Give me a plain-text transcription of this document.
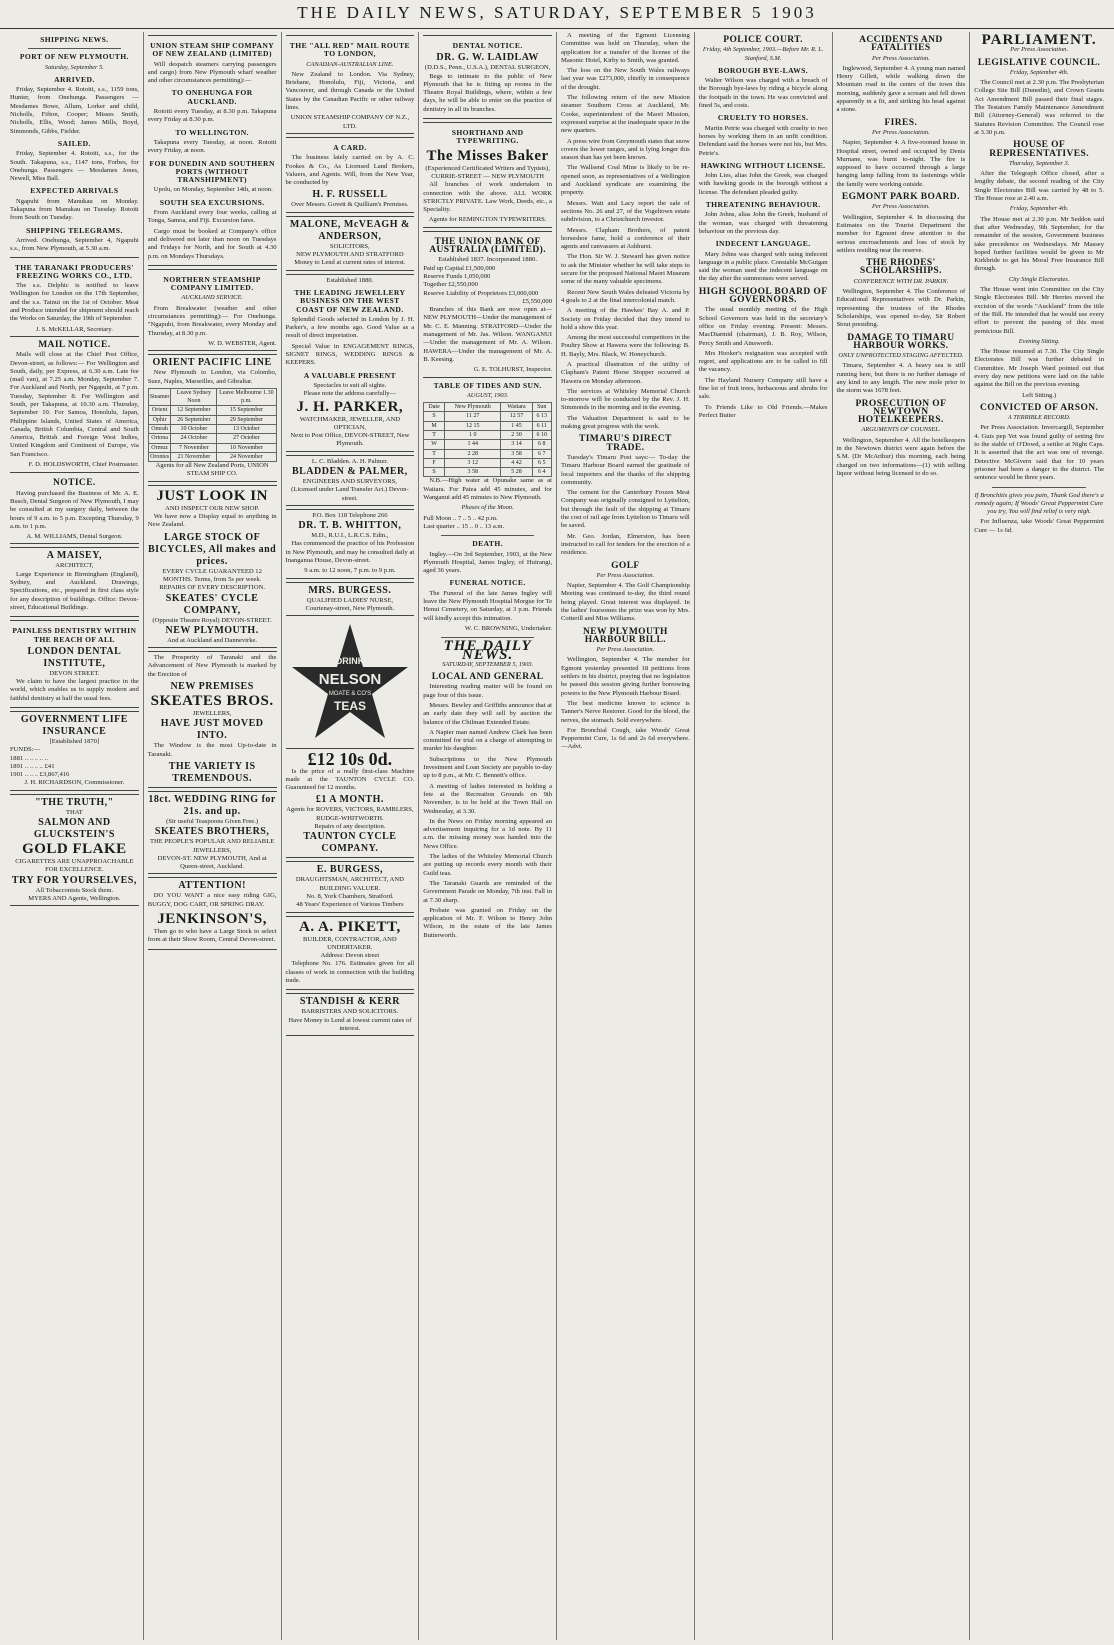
THE DAILY NEWS, SATURDAY, SEPTEMBER 5 1903
SHIPPING NEWS.
PORT OF NEW PLYMOUTH.
Saturday, September 5.
ARRIVED.

Friday, September 4. Rotoiti, s.s., 1159 tons, Hunter, from Onehunga. Passengers — Mesdames Bowe, Allum, Lorker and child, Nicholls, Fifton, Cooper; Misses Smith, Nicholls, Ellis, Wood; James Mills, Boyd, Simmonds, Gibbs, Fielder.

SAILED.

Friday, September 4. Rotoiti, s.s., for the South. Takapuna, s.s., 1147 tons, Forbes, for Onehunga. Passengers — Mesdames Jones, Newell, Miss Ball.

EXPECTED ARRIVALS

Ngapuhi from Manukau on Monday. Takapuna from Manukau on Tuesday. Rotoiti from South on Tuesday.

SHIPPING TELEGRAMS.

Arrived. Onehunga, September 4, Ngapuhi s.s., from New Plymouth, at 5.30 a.m.

THE TARANAKI PRODUCERS' FREEZING WORKS CO., LTD.

The s.s. Delphic is notified to leave Wellington for London on the 17th September, and the s.s. Tainui on the 1st of October. Meat and Produce intended for shipment should reach the Works on Saturday, the 19th of September.

J. S. McKELLAR, Secretary.
MAIL NOTICE.

Mails will close at the Chief Post Office, Devon-street, as follows:— For Wellington and South, daily, per Express, at 6.30 a.m. Late fee (mail van), at 7.25 a.m. Monday, September 7. For Auckland and North, per Ngapuhi, at 7 p.m. Tuesday, September 8. For Wellington and South, per Takapuna, at 10.30 a.m. Thursday, September 10. For Samoa, Honolulu, Japan, Philippine Islands, United States of America, Canada, British Columbia, Central and South America, British and Foreign West Indies, United Kingdom and Continent of Europe, via San Francisco.

F. D. HOLDSWORTH, Chief Postmaster.
NOTICE.

Having purchased the Business of Mr. A. E. Busch, Dental Surgeon of New Plymouth, I may be consulted at my surgery daily, between the hours of 9 a.m. to 5 p.m. Excepting Thursday, 9 a.m. to 1 p.m.

A. M. WILLIAMS, Dental Surgeon.
A MAISEY,
ARCHITECT,

Large Experience in Birmingham (England), Sydney, and Auckland. Drawings, Specifications, etc., prepared in first class style for any description of buildings. Office: Devon-street, Educational Buildings.

PAINLESS DENTISTRY WITHIN THE REACH OF ALL
LONDON DENTAL INSTITUTE,
DEVON STREET.

We claim to have the largest practice in the world, which enables us to supply modern and faithful dentistry at half the usual fees.

GOVERNMENT LIFE INSURANCE
[Established 1870]
FUNDS:—
1881 .. .. .. .. ..
1891 .. .. .. .. £41
1901 .. .. .. £3,867,416
J. H. RICHARDSON, Commissioner.
"THE TRUTH,"
THAT
SALMON AND GLUCKSTEIN'S
GOLD FLAKE
CIGARETTES ARE UNAPPROACHABLE FOR EXCELLENCE.
TRY FOR YOURSELVES,
All Tobacconists Stock them.
MYERS AND Agents, Wellington.
UNION STEAM SHIP COMPANY OF NEW ZEALAND (LIMITED)

Will despatch steamers carrying passengers and cargo) from New Plymouth wharf weather and other circumstances permitting):—

TO ONEHUNGA FOR AUCKLAND.

Rotoiti every Tuesday, at 8.30 p.m. Takapuna every Friday at 8.30 p.m.

TO WELLINGTON.

Takapuna every Tuesday, at noon. Rotoiti every Friday, at noon.

FOR DUNEDIN AND SOUTHERN PORTS (WITHOUT TRANSHIPMENT)

Upolu, on Monday, September 14th, at noon.

SOUTH SEA EXCURSIONS.

From Auckland every four weeks, calling at Tonga, Samoa, and Fiji. Excursion fares.

Cargo must be booked at Company's office and delivered not later than noon on Tuesdays and Fridays for North, and for South at 4.30 p.m. on Mondays Thursdays.

NORTHERN STEAMSHIP COMPANY LIMITED.
AUCKLAND SERVICE.

From Breakwater (weather and other circumstances permitting):— For Onehunga. "Ngapuhi, from Breakwater, every Monday and Thursday, at 8.30 p.m.

W. D. WEBSTER, Agent.
ORIENT PACIFIC LINE

New Plymouth to London, via Colombo, Suez, Naples, Marseilles, and Gibraltar.

Steamer	Leave Sydney Noon	Leave Melbourne 1.30 p.m.
Orient	12 September	15 September
Ophir	26 September	29 September
Omrah	10 October	13 October
Ortona	24 October	27 October
Ormuz	7 November	10 November
Orontes	21 November	24 November
Agents for all New Zealand Ports, UNION STEAM SHIP CO.
JUST LOOK IN
AND INSPECT OUR NEW SHOP.

We have now a Display equal to anything in New Zealand.

LARGE STOCK OF BICYCLES, All makes and prices.
EVERY CYCLE GUARANTEED 12 MONTHS. Terms, from 5s per week.
REPAIRS OF EVERY DESCRIPTION.
SKEATES' CYCLE COMPANY,
(Opposite Theatre Royal) DEVON-STREET.
NEW PLYMOUTH.
And at Auckland and Dannevirke.

The Prosperity of Taranaki and the Advancement of New Plymouth is marked by the Erection of

NEW PREMISES
SKEATES BROS.
JEWELLERS,
HAVE JUST MOVED INTO.

The Window is the most Up-to-date in Taranaki.

THE VARIETY IS TREMENDOUS.
18ct. WEDDING RING for 21s. and up.
(Sir useful Teaspoons Given Free.)
SKEATES BROTHERS,
THE PEOPLE'S POPULAR AND RELIABLE JEWELLERS,
DEVON-ST. NEW PLYMOUTH, And at Queen-street, Auckland.
ATTENTION!

DO YOU WANT a nice easy riding GIG, BUGGY, DOG CART, OR SPRING DRAY.

JENKINSON'S,

Then go to who have a Large Stock to select from at their Show Room, Central Devon-street.

THE "ALL RED" MAIL ROUTE TO LONDON,
CANADIAN-AUSTRALIAN LINE.

New Zealand to London. Via Sydney, Brisbane, Honolulu, Fiji, Victoria, and Vancouver, and through Canada or the United States by the Canadian Pacific or other railway lines.

UNION STEAMSHIP COMPANY OF N.Z., LTD.
A CARD.

The business lately carried on by A. C. Fookes & Co., As Licensed Land Brokers, Valuers, and Agents. Will, from the New Year, be conducted by

H. F. RUSSELL
Over Messrs. Govett & Quilliam's Premises.
MALONE, McVEAGH & ANDERSON,
SOLICITORS,
NEW PLYMOUTH AND STRATFORD
Money to Lend at current rates of interest.
Established 1880.
THE LEADING JEWELLERY BUSINESS ON THE WEST COAST OF NEW ZEALAND.

Splendid Goods selected in London by J. H. Parker's, a few months ago. Good Value as a result of direct importation.

Special Value in ENGAGEMENT RINGS, SIGNET RINGS, WEDDING RINGS & KEEPERS.

A VALUABLE PRESENT
Spectacles to suit all sights.
Please note the address carefully—
J. H. PARKER,
WATCHMAKER, JEWELLER, AND OPTICIAN,
Next to Post Office, DEVON-STREET, New Plymouth.
L. C. Bladden. A. H. Palmer.
BLADDEN & PALMER,
ENGINEERS AND SURVEYORS,
(Licensed under Land Transfer Act.) Devon-street.
P.O. Box 118 Telephone 266
DR. T. B. WHITTON,
M.D., R.U.I., L.R.C.S. Edin.,

Has commenced the practice of his Profession in New Plymouth, and may be consulted daily at Inanganua House, Devon-street.

9 a.m. to 12 noon, 7 p.m. to 9 p.m.
MRS. BURGESS.
QUALIFIED LADIES' NURSE,
Courtenay-street, New Plymouth.
DRINK
NELSON
MOATE & CO'S
TEAS
£12 10s 0d.

Is the price of a really first-class Machine made at the TAUNTON CYCLE CO. Guaranteed for 12 months.

£1 A MONTH.
Agents for ROVERS, VICTORS, RAMBLERS, RUDGE-WHITWORTH.
Repairs of any description.
TAUNTON CYCLE COMPANY.
E. BURGESS,
DRAUGHTSMAN, ARCHITECT, AND BUILDING VALUER.
No. 8, York Chambers, Stratford.
48 Years' Experience of Various Timbers
A. A. PIKETT,
BUILDER, CONTRACTOR, AND UNDERTAKER.
Address: Devon street

Telephone No. 176. Estimates given for all classes of work in connection with the building trade.

STANDISH & KERR
BARRISTERS AND SOLICITORS.
Have Money to Lend at lowest current rates of interest.
DENTAL NOTICE.
DR. G. W. LAIDLAW
(D.D.S., Penn., U.S.A.), DENTAL SURGEON,

Begs to intimate to the public of New Plymouth that he is fitting up rooms in the Theatre Royal Buildings, where, within a few days, he will be able to enter on the practice of dentistry in all its branches.

SHORTHAND AND TYPEWRITING.
The Misses Baker
(Experienced Certificated Writers and Typists),
CURRIE-STREET — NEW PLYMOUTH

All branches of work undertaken in connection with the above. ALL WORK STRICTLY PRIVATE. Law Work, Deeds, etc., a Speciality.

Agents for REMINGTON TYPEWRITERS.
THE UNION BANK OF AUSTRALIA (LIMITED).
Established 1837. Incorporated 1880.
Paid up Capital £1,500,000
Reserve Funds 1,050,000
Together £2,550,000
Reserve Liability of Proprietors £3,000,000
£5,550,000

Branches of this Bank are now open at— NEW PLYMOUTH—Under the management of Mr. C. E. Manning. STRATFORD—Under the management of Mr. Jas. Wilson. WANGANUI—Under the management of Mr. A. Wilson. HAWERA—Under the management of Mr. A. B. Keesing.

G. E. TOLHURST, Inspector.
TABLE OF TIDES AND SUN.
AUGUST, 1903.
Date	New Plymouth	Waitara	Sun
S	11 27	12 57	6 13
M	12 15	1 45	6 11
T	1 0	2 30	6 10
W	1 44	3 14	6 8
T	2 28	3 58	6 7
F	3 12	4 42	6 5
S	3 58	5 28	6 4

N.B.—High water at Opunake same as at Waitara. For Patea add 45 minutes, and for Wanganui add 45 minutes to New Plymouth.

Phases of the Moon.
Full Moon .. 7 .. 5 .. 42 p.m.
Last quarter .. 15 .. 0 .. 13 a.m.
DEATH.

Ingley.—On 3rd September, 1903, at the New Plymouth Hospital, James Ingley, of Huirangi, aged 36 years.

FUNERAL NOTICE.

The Funeral of the late James Ingley will leave the New Plymouth Hospital Morgue for Te Henui Cemetery, on Saturday, at 3 p.m. Friends will kindly accept this intimation.

W. C. BROWNING, Undertaker.
THE DAILY NEWS.
SATURDAY, SEPTEMBER 5, 1903.
LOCAL AND GENERAL

Interesting reading matter will be found on page four of this issue.

Messrs. Bewley and Griffiths announce that at an early date they will sell by auction the balance of the Chilman Extended Estate.

A Napier man named Andrew Clark has been committed for trial on a charge of attempting to murder his daughter.

Subscriptions to the New Plymouth Investment and Loan Society are payable to-day up to 8 p.m., at Mr. C. Bennett's office.

A meeting of ladies interested in holding a fete at the Recreation Grounds on 9th November, is to be held at the Town Hall on Wednesday, at 3.30.

In the News on Friday morning appeared an advertisement inquiring for a 1d note. By 11 a.m. the missing money was handed into the News Office.

The ladies of the Whiteley Memorial Church are putting up records every month with their Guild teas.

The Taranaki Guards are reminded of the Government Parade on Monday, 7th inst. Fall in at 7.30 sharp.

Probate was granted on Friday on the application of Mr. F. Wilson to Henry John Wilson, in the estate of the late James Butterworth.

A meeting of the Egmont Licensing Committee was held on Thursday, when the application for a transfer of the license of the Masonic Hotel, Kirby to Smith, was granted.

The loss on the New South Wales railways last year was £273,000, chiefly in consequence of the drought.

The following return of the new Mission steamer Southern Cross at Auckland, Mr. Cooke, superintendent of the Maori Mission, expressed surprise at the inadequate space in the new quarters.

A press wire from Greymouth states that snow covers the lower ranges, and is lying longer this season than has yet been known.

The Wallsend Coal Mine is likely to be re-opened soon, as representatives of a Wellington and Auckland syndicate are examining the property.

Messrs. Watt and Lacy report the sale of sections No. 26 and 27, of the Vogeltown estate subdivision, to a Christchurch investor.

Messrs. Clapham Brothers, of patent horseshoe fame, hold a conference of their agents and canvassers at Ashhurst.

The Hon. Sir W. J. Steward has given notice to ask the Minister whether he will take steps to secure for the proposed National Maori Museum some of the many valuable specimens.

Recent New South Wales defeated Victoria by 4 goals to 2 at the final intercolonial match.

A meeting of the Hawkes' Bay A. and P. Society on Friday decided that they intend to hold a show this year.

Among the most successful competitors in the Poultry Show at Hawera were the following: B. H. Bayly, Mrs. Black, W. Honeychurch.

A practical illustration of the utility of Clapham's Patent Horse Stopper occurred at Hawera on Monday afternoon.

The services at Whiteley Memorial Church to-morrow will be conducted by the Rev. J. H. Simmonds in the morning and in the evening.

The Valuation Department is said to be making great progress with the work.

TIMARU'S DIRECT TRADE.

Tuesday's Timaru Post says:— To-day the Timaru Harbour Board earned the gratitude of local importers and the thanks of the shipping community.

The cement for the Canterbury Frozen Meat Company was originally consigned to Lyttelton, but through the fault of the shipping at Timaru the cost of rail age from Lyttelton to Timaru will be saved.

Mr. Geo. Jordan, Elmerston, has been instructed to call for tenders for the erection of a residence.

GOLF
Per Press Association.

Napier, September 4. The Golf Championship Meeting was continued to-day, the third round being played. Great interest was displayed. In the ladies' foursomes the prize was won by Mrs. Cotterill and Miss Williams.

NEW PLYMOUTH HARBOUR BILL.
Per Press Association.

Wellington, September 4. The member for Egmont yesterday presented 18 petitions from settlers in his district, praying that no legislation be passed this session giving further borrowing powers to the New Plymouth Harbour Board.

The best medicine known to science is Tanner's Nerve Restorer. Good for the blood, the nerves, the stomach. Sold everywhere.

For Bronchial Cough, take Woods' Great Peppermint Cure, 1s 6d and 2s 6d everywhere.—Advt.

POLICE COURT.
Friday, 4th September, 1903.—Before Mr. R. L. Stanford, S.M.
BOROUGH BYE-LAWS.

Walter Wilson was charged with a breach of the Borough bye-laws by riding a bicycle along the footpath in the town. He was convicted and fined 5s, and costs.

CRUELTY TO HORSES.

Martin Petrie was charged with cruelty to two horses by working them in an unfit condition. Defendant said the horses were not his, but Mrs. Petrie's.

HAWKING WITHOUT LICENSE.

John Lies, alias John the Greek, was charged with hawking goods in the borough without a license. The defendant pleaded guilty.

THREATENING BEHAVIOUR.

John Johns, alias John the Greek, husband of the woman, was charged with threatening behaviour on the previous day.

INDECENT LANGUAGE.

Mary Johns was charged with using indecent language in a public place. Constable McGuigan said the woman used the indecent language on the day after the summonses were served.

HIGH SCHOOL BOARD OF GOVERNORS.

The usual monthly meeting of the High School Governors was held in the secretary's office on Friday evening. Present: Messrs. MacDiarmid (chairman), J. B. Roy, Wilson, Percy Smith and Ainsworth.

Mrs Hooker's resignation was accepted with regret, and applications are to be called to fill the vacancy.

The Hayland Nursery Company still have a fine lot of fruit trees, herbaceous and shrubs for sale.

To Friends Like to Old Friends.—Makes Perfect Butter

ACCIDENTS AND FATALITIES
Per Press Association.

Inglewood, September 4. A young man named Henry Gillett, while walking down the Mountain road in the centre of the town this morning, suddenly gave a scream and fell down apparently in a fit, and striking his head against a stone.

FIRES.
Per Press Association.

Napier, September 4. A five-roomed house in Hospital street, owned and occupied by Denis Murnane, was burnt to-night. The fire is supposed to have occurred through a large hanging lamp falling from its fastenings while the family were working outside.

EGMONT PARK BOARD.
Per Press Association.

Wellington, September 4. In discussing the Estimates on the Tourist Department the member for Egmont drew attention to the serious encroachments and loss of stock by settlers residing near the reserve.

THE RHODES' SCHOLARSHIPS.
CONFERENCE WITH DR. PARKIN.

Wellington, September 4. The Conference of Educational Representatives with Dr. Parkin, representing the trustees of the Rhodes Scholarships, was opened to-day, Sir Robert Stout presiding.

DAMAGE TO TIMARU HARBOUR WORKS.
ONLY UNPROTECTED STAGING AFFECTED.

Timaru, September 4. A heavy sea is still running here, but there is no further damage of any kind to any length. The new mole prior to the storm was 1678 feet.

PROSECUTION OF NEWTOWN HOTELKEEPERS.
ARGUMENTS OF COUNSEL.

Wellington, September 4. All the hotelkeepers in the Newtown district were again before the S.M. (Dr McArthur) this morning, each being charged on two informations—(1) with selling liquor without being licensed to do so.

PARLIAMENT.
Per Press Association.
LEGISLATIVE COUNCIL.
Friday, September 4th.

The Council met at 2.30 p.m. The Presbyterian College Site Bill (Dunedin), and Crown Grants Act Amendment Bill passed their final stages. The Testators Family Maintenance Amendment Bill (Attorney-General) was referred to the Statutes Revision Committee. The Council rose at 3.30 p.m.

HOUSE OF REPRESENTATIVES.
Thursday, September 3.

After the Telegraph Office closed, after a lengthy debate, the second reading of the City Single Electorates Bill was carried by 48 to 5. The House rose at 2.40 a.m.

Friday, September 4th.

The House met at 2.30 p.m. Mr Seddon said that after Wednesday, 9th September, for the remainder of the session, Government business take precedence on Wednesdays. Mr Massey hoped further facilities would be given to Mr Kirkbride to get his Moral Free Insurance Bill through.

City Single Electorates.

The House went into Committee on the City Single Electorates Bill. Mr Herries moved the excision of the words "Auckland" from the title of the Bill. He intended that he would use every effort to prevent the passing of this most pernicious Bill.

Evening Sitting.

The House resumed at 7.30. The City Single Electorates Bill was further debated in Committee. Mr Joseph Ward pointed out that every day new petitions were laid on the table against the Bill on the previous evening.

Left Sitting.)
CONVICTED OF ARSON.
A TERRIBLE RECORD.

Per Press Association. Invercargill, September 4. Guis pep Yet was found guilty of setting fire to the stable of O'Dowd, a settler at Night Caps. It is asserted that the act was one of revenge. Detective McGivern said that for 10 years prisoner had been a danger to the district. The sentence would be three years.

If Bronchitis gives you pain, Thank God there's a remedy again; If Woods' Great Peppermint Cure you try, You will find relief is very nigh.

For Influenza, take Woods' Great Peppermint Cure — 1s 6d.
